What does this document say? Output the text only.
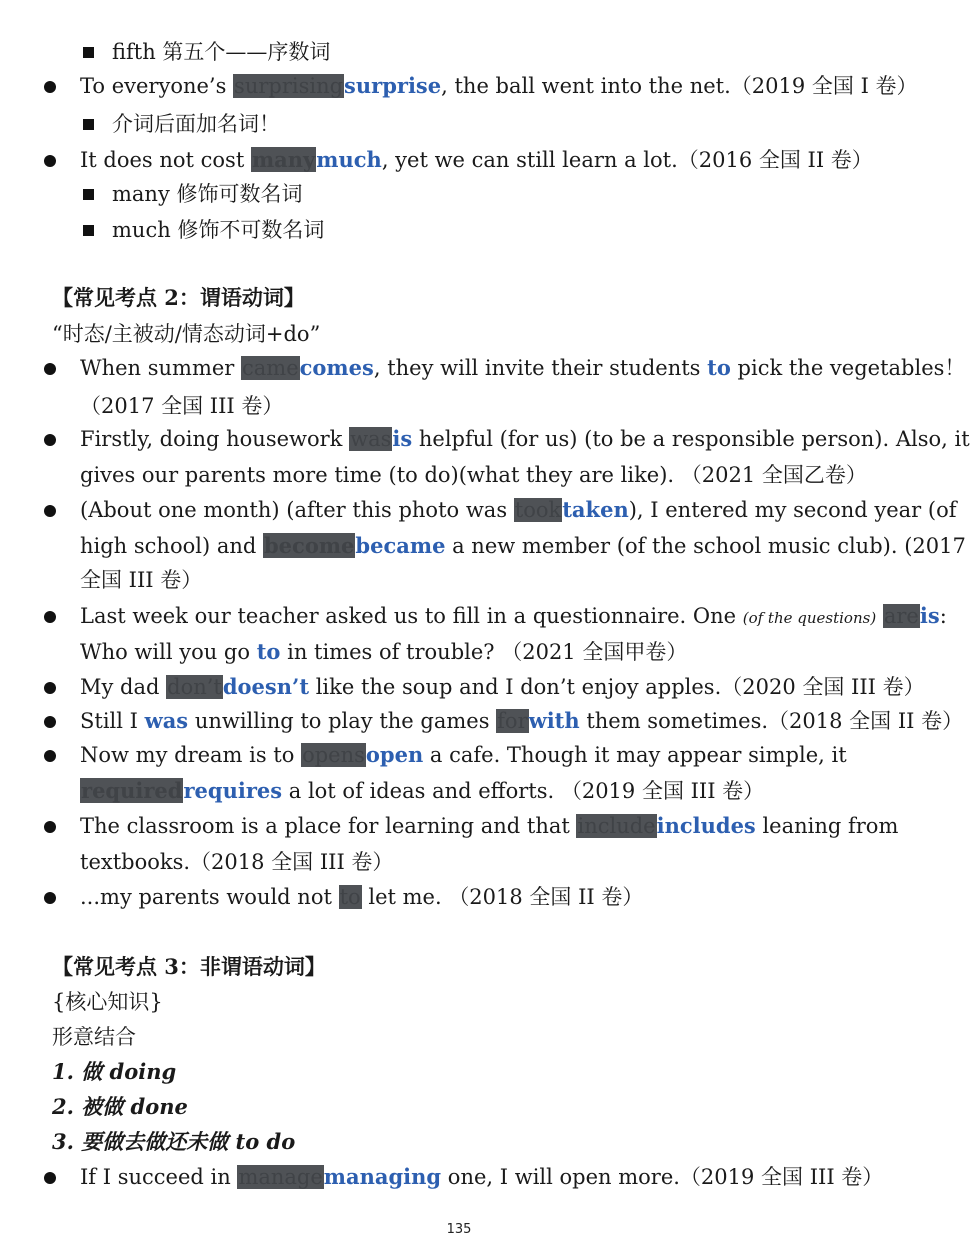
fifth 第五个——序数词
To everyone’s surprisingsurprise, the ball went into the net.（2019 全国 I 卷）
介词后面加名词！
It does not cost manymuch, yet we can still learn a lot.（2016 全国 II 卷）
many 修饰可数名词
much 修饰不可数名词
【常见考点 2：谓语动词】
“时态/主被动/情态动词+do”
When summer camecomes, they will invite their students to pick the vegetables！
（2017 全国 III 卷）
Firstly, doing housework wasis helpful (for us) (to be a responsible person). Also, it
gives our parents more time (to do)(what they are like). （2021 全国乙卷）
(About one month) (after this photo was tooktaken), I entered my second year (of
high school) and becomebecame a new member (of the school music club). (2017
全国 III 卷）
Last week our teacher asked us to fill in a questionnaire. One (of the questions) areis:
Who will you go to in times of trouble? （2021 全国甲卷）
My dad don’tdoesn’t like the soup and I don’t enjoy apples.（2020 全国 III 卷）
Still I was unwilling to play the games forwith them sometimes.（2018 全国 II 卷）
Now my dream is to opensopen a cafe. Though it may appear simple, it
requiredrequires a lot of ideas and efforts. （2019 全国 III 卷）
The classroom is a place for learning and that includeincludes leaning from
textbooks.（2018 全国 III 卷）
...my parents would not to let me. （2018 全国 II 卷）
【常见考点 3：非谓语动词】
{核心知识}
形意结合
1. 做 doing
2. 被做 done
3. 要做去做还未做 to do
If I succeed in managemanaging one, I will open more.（2019 全国 III 卷）
135
